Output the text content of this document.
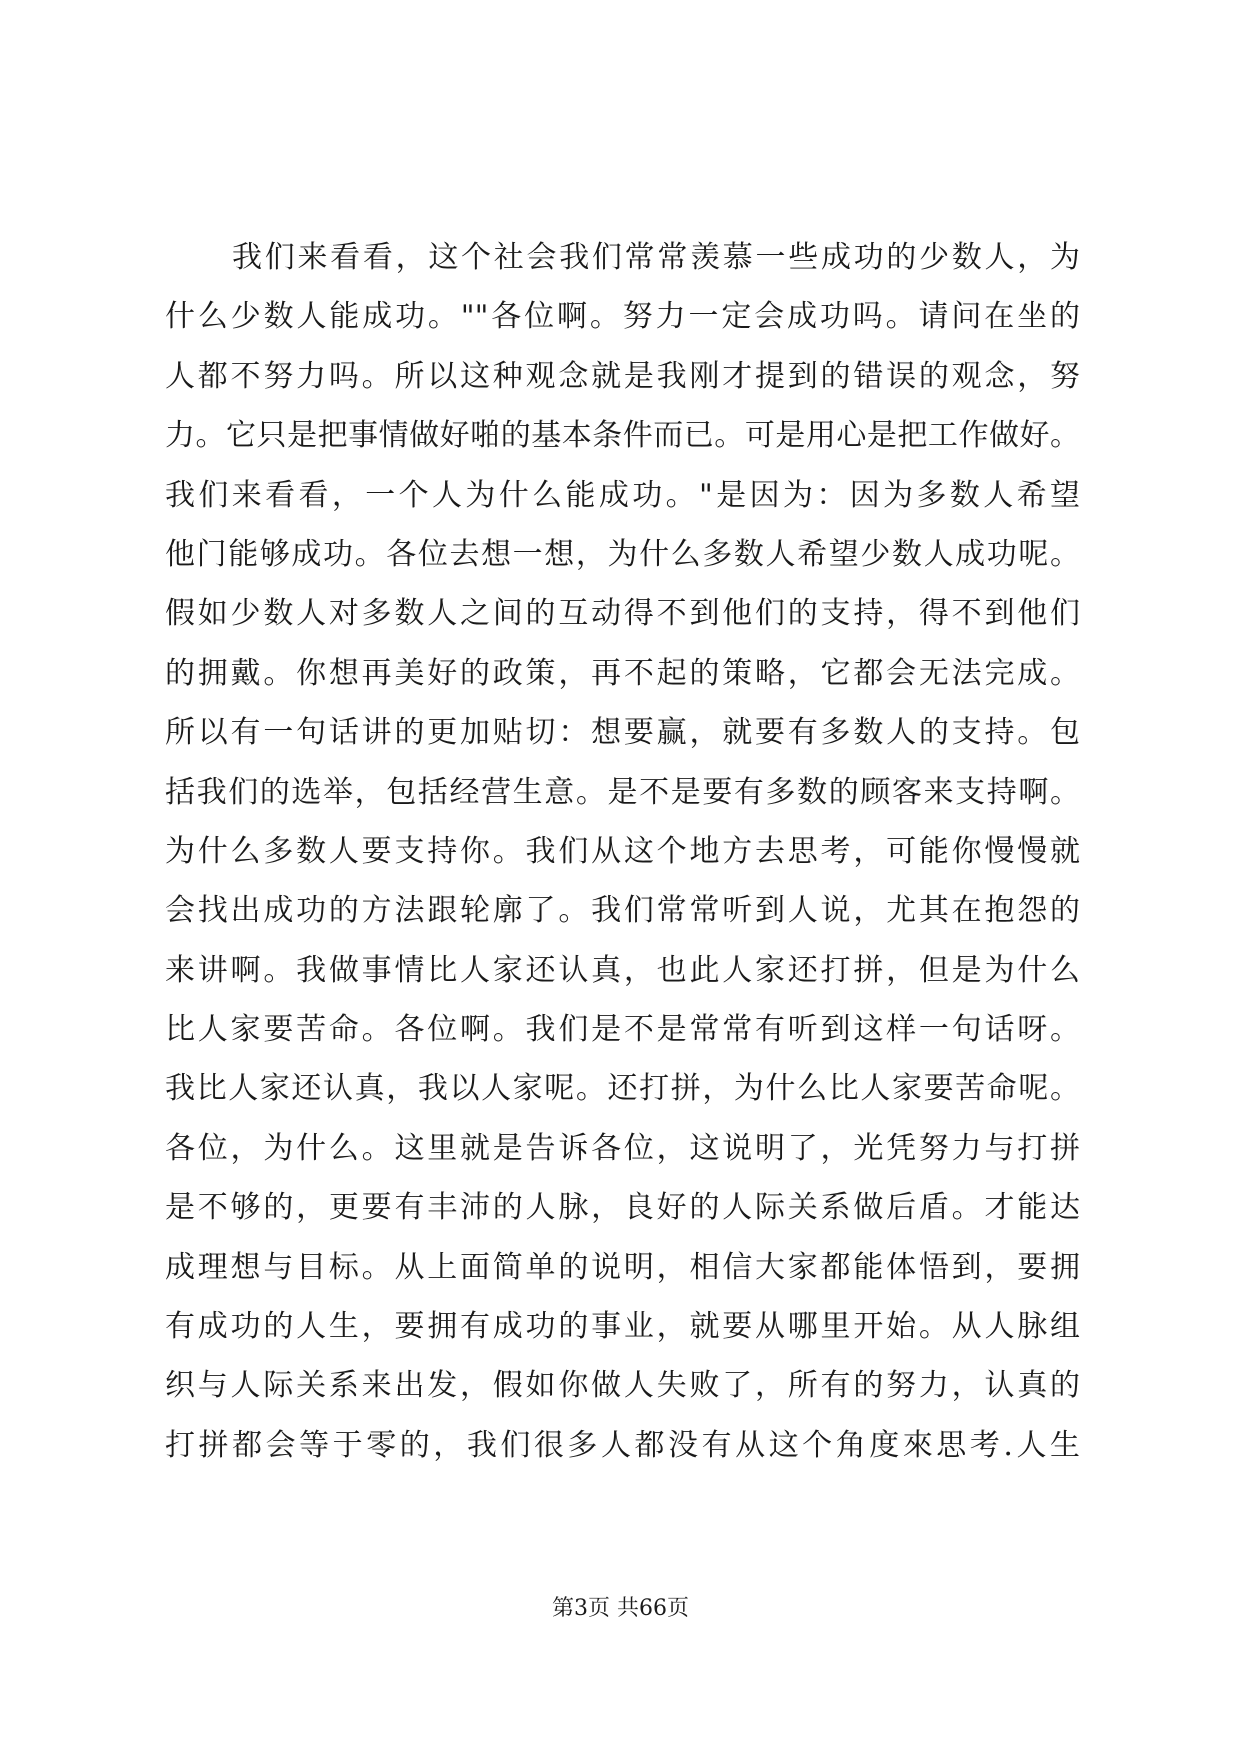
我们来看看，这个社会我们常常羡慕一些成功的少数人，为
什么少数人能成功。""各位啊。努力一定会成功吗。请问在坐的
人都不努力吗。所以这种观念就是我刚才提到的错误的观念，努
力。它只是把事情做好啪的基本条件而已。可是用心是把工作做好。
我们来看看，一个人为什么能成功。"是因为：因为多数人希望
他门能够成功。各位去想一想，为什么多数人希望少数人成功呢。
假如少数人对多数人之间的互动得不到他们的支持，得不到他们
的拥戴。你想再美好的政策，再不起的策略，它都会无法完成。
所以有一句话讲的更加贴切：想要赢，就要有多数人的支持。包
括我们的选举，包括经营生意。是不是要有多数的顾客来支持啊。
为什么多数人要支持你。我们从这个地方去思考，可能你慢慢就
会找出成功的方法跟轮廓了。我们常常听到人说，尤其在抱怨的
来讲啊。我做事情比人家还认真，也此人家还打拼，但是为什么
比人家要苦命。各位啊。我们是不是常常有听到这样一句话呀。
我比人家还认真，我以人家呢。还打拼，为什么比人家要苦命呢。
各位，为什么。这里就是告诉各位，这说明了，光凭努力与打拼
是不够的，更要有丰沛的人脉，良好的人际关系做后盾。才能达
成理想与目标。从上面简单的说明，相信大家都能体悟到，要拥
有成功的人生，要拥有成功的事业，就要从哪里开始。从人脉组
织与人际关系来出发，假如你做人失败了，所有的努力，认真的
打拼都会等于零的，我们很多人都没有从这个角度來思考.人生
第3页 共66页
